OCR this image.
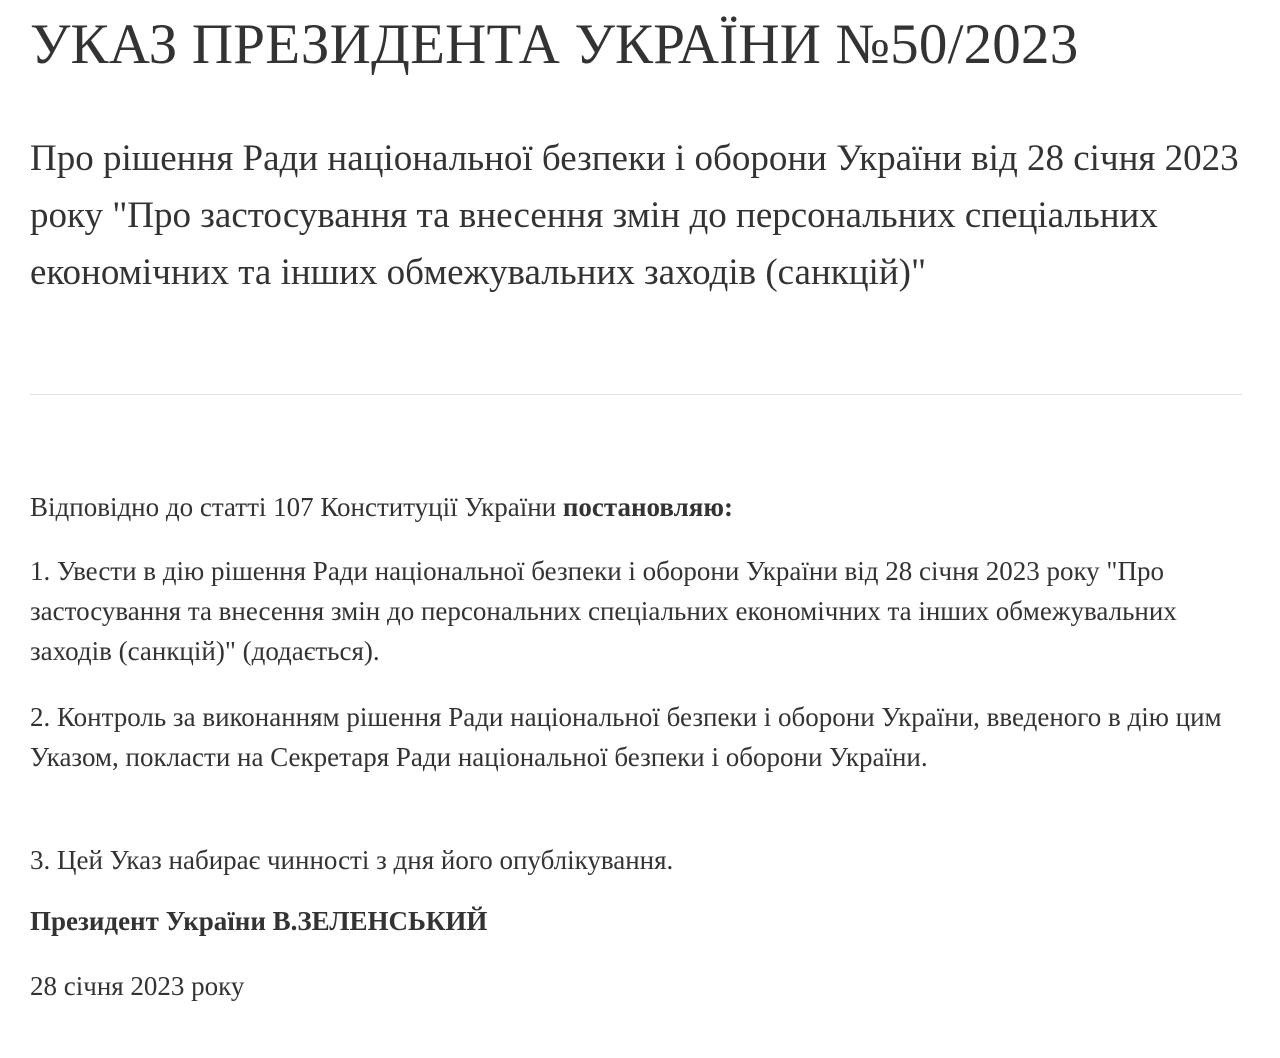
УКАЗ ПРЕЗИДЕНТА УКРАЇНИ №50/2023
Про рішення Ради національної безпеки і оборони України від 28 січня 2023 року "Про застосування та внесення змін до персональних спеціальних економічних та інших обмежувальних заходів (санкцій)"

Відповідно до статті 107 Конституції України постановляю:

1. Увести в дію рішення Ради національної безпеки і оборони України від 28 січня 2023 року "Про застосування та внесення змін до персональних спеціальних економічних та інших обмежувальних заходів (санкцій)" (додається).

2. Контроль за виконанням рішення Ради національної безпеки і оборони України, введеного в дію цим Указом, покласти на Секретаря Ради національної безпеки і оборони України.

3. Цей Указ набирає чинності з дня його опублікування.

Президент України В.ЗЕЛЕНСЬКИЙ

28 січня 2023 року
